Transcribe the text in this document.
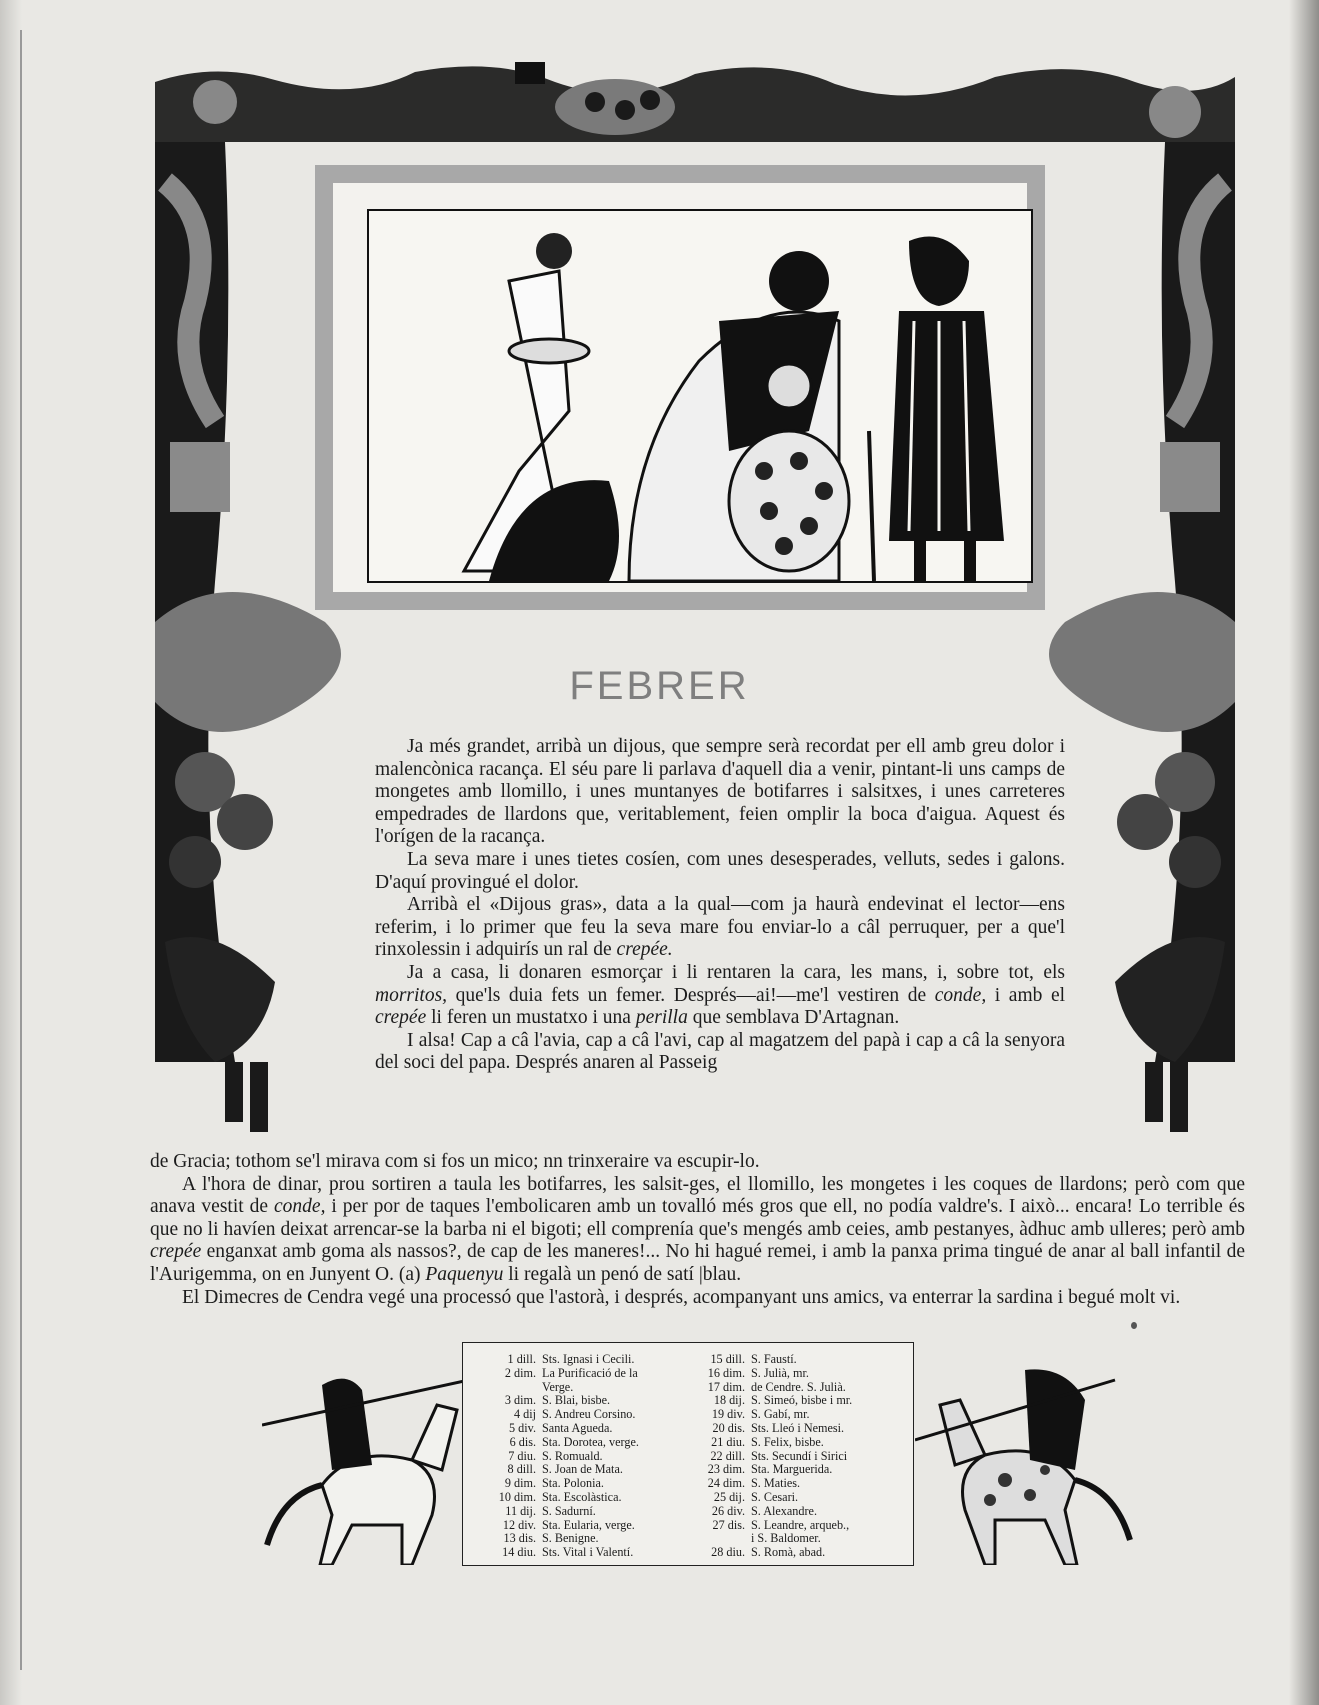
FEBRER

Ja més grandet, arribà un dijous, que sempre serà recordat per ell amb greu dolor i malencònica racança. El séu pare li parlava d'aquell dia a venir, pintant-li uns camps de mongetes amb llomillo, i unes muntanyes de botifarres i salsitxes, i unes carreteres empedrades de llardons que, veritablement, feien omplir la boca d'aigua. Aquest és l'orígen de la racança.

La seva mare i unes tietes cosíen, com unes desesperades, velluts, sedes i galons. D'aquí provingué el dolor.

Arribà el «Dijous gras», data a la qual—com ja haurà endevinat el lector—ens referim, i lo primer que feu la seva mare fou enviar-lo a câl perruquer, per a que'l rinxolessin i adquirís un ral de crepée.

Ja a casa, li donaren esmorçar i li rentaren la cara, les mans, i, sobre tot, els morritos, que'ls duia fets un femer. Després—ai!—me'l vestiren de conde, i amb el crepée li feren un mustatxo i una perilla que semblava D'Artagnan.

I alsa! Cap a câ l'avia, cap a câ l'avi, cap al magatzem del papà i cap a câ la senyora del soci del papa. Després anaren al Passeig

de Gracia; tothom se'l mirava com si fos un mico; nn trinxeraire va escupir-lo.

A l'hora de dinar, prou sortiren a taula les botifarres, les salsit-ges, el llomillo, les mongetes i les coques de llardons; però com que anava vestit de conde, i per por de taques l'embolicaren amb un tovalló més gros que ell, no podía valdre's. I això... encara! Lo terrible és que no li havíen deixat arrencar-se la barba ni el bigoti; ell comprenía que's mengés amb ceies, amb pestanyes, àdhuc amb ulleres; però amb crepée enganxat amb goma als nassos?, de cap de les maneres!... No hi hagué remei, i amb la panxa prima tingué de anar al ball infantil de l'Aurigemma, on en Junyent O. (a) Paquenyu li regalà un penó de satí |blau.

El Dimecres de Cendra vegé una processó que l'astorà, i després, acompanyant uns amics, va enterrar la sardina i begué molt vi.

1 dill. Sts. Ignasi i Cecili.
2 dim. La Purificació de la
Verge.
3 dim. S. Blai, bisbe.
4 dij S. Andreu Corsino.
5 div. Santa Agueda.
6 dis. Sta. Dorotea, verge.
7 diu. S. Romuald.
8 dill. S. Joan de Mata.
9 dim. Sta. Polonia.
10 dim. Sta. Escolàstica.
11 dij. S. Sadurní.
12 div. Sta. Eularia, verge.
13 dis. S. Benigne.
14 diu. Sts. Vital i Valentí.
15 dill. S. Faustí.
16 dim. S. Julià, mr.
17 dim. de Cendre. S. Julià.
18 dij. S. Simeó, bisbe i mr.
19 div. S. Gabí, mr.
20 dis. Sts. Lleó i Nemesi.
21 diu. S. Felix, bisbe.
22 dill. Sts. Secundí i Sirici
23 dim. Sta. Marguerida.
24 dim. S. Maties.
25 dij. S. Cesari.
26 div. S. Alexandre.
27 dis. S. Leandre, arqueb.,
i S. Baldomer.
28 diu. S. Romà, abad.
